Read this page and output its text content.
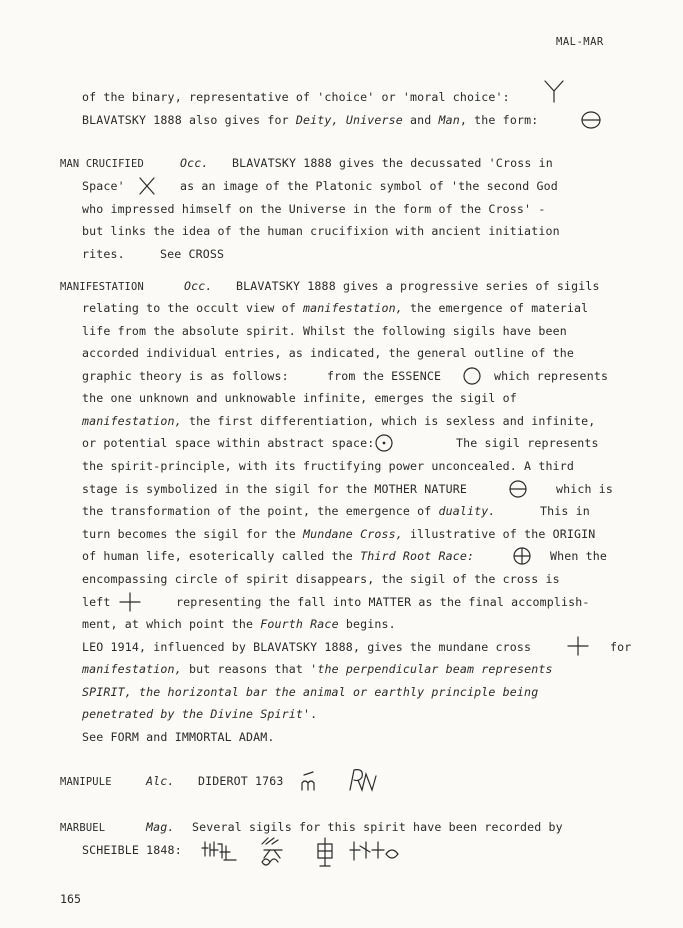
MAL-MAR
of the binary, representative of 'choice' or 'moral choice':
BLAVATSKY 1888 also gives for Deity, Universe and Man, the form:
MAN CRUCIFIED	Occ. BLAVATSKY 1888 gives the decussated 'Cross in
Space'	as an image of the Platonic symbol of 'the second God
who impressed himself on the Universe in the form of the Cross' -
but links the idea of the human crucifixion with ancient initiation
rites.	See CROSS
MANIFESTATION	Occ. BLAVATSKY 1888 gives a progressive series of sigils
relating to the occult view of manifestation, the emergence of material
life from the absolute spirit. Whilst the following sigils have been
accorded individual entries, as indicated, the general outline of the
graphic theory is as follows:	from the ESSENCE	which represents
the one unknown and unknowable infinite, emerges the sigil of
manifestation, the first differentiation, which is sexless and infinite,
or potential space within abstract space:	The sigil represents
the spirit-principle, with its fructifying power unconcealed. A third
stage is symbolized in the sigil for the MOTHER NATURE	which is
the transformation of the point, the emergence of duality.	This in
turn becomes the sigil for the Mundane Cross, illustrative of the ORIGIN
of human life, esoterically called the Third Root Race:	When the
encompassing circle of spirit disappears, the sigil of the cross is
left	representing the fall into MATTER as the final accomplish-
ment, at which point the Fourth Race begins.
LEO 1914, influenced by BLAVATSKY 1888, gives the mundane cross	for
manifestation, but reasons that 'the perpendicular beam represents
SPIRIT, the horizontal bar the animal or earthly principle being
penetrated by the Divine Spirit'.
See FORM and IMMORTAL ADAM.
MANIPULE	Alc. DIDEROT 1763
MARBUEL	Mag. Several sigils for this spirit have been recorded by
SCHEIBLE 1848:
165
